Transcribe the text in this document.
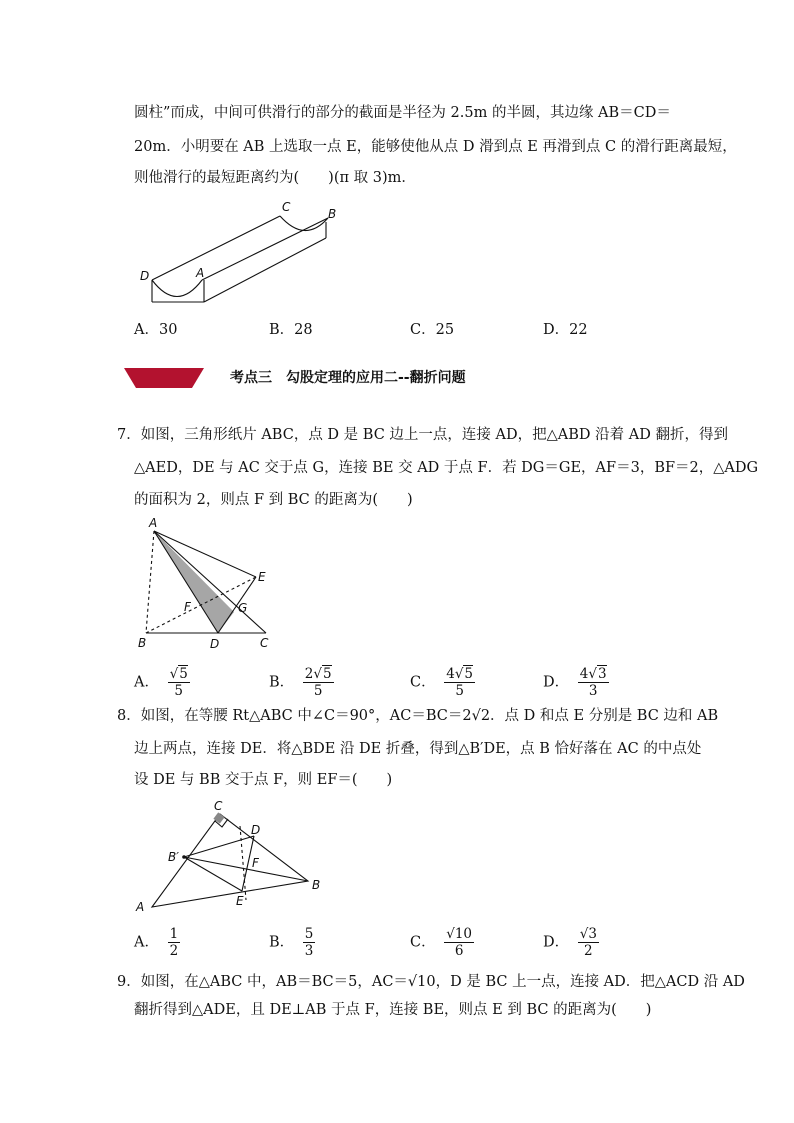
圆柱”而成，中间可供滑行的部分的截面是半径为 2.5m 的半圆，其边缘 AB＝CD＝
20m．小明要在 AB 上选取一点 E，能够使他从点 D 滑到点 E 再滑到点 C 的滑行距离最短，
则他滑行的最短距离约为(　　)(π 取 3)m．
C	B
D	A
A．30	B．28	C．25	D．22
考点三　勾股定理的应用二--翻折问题
7．如图，三角形纸片 ABC，点 D 是 BC 边上一点，连接 AD，把△ABD 沿着 AD 翻折，得到
△AED，DE 与 AC 交于点 G，连接 BE 交 AD 于点 F．若 DG＝GE，AF＝3，BF＝2，△ADG
的面积为 2，则点 F 到 BC 的距离为(　　)
A
E
F	G
B	D	C
A． $\frac{√5}{5}$	B． $\frac{2√5}{5}$	C． $\frac{4√5}{5}$	D． $\frac{4√3}{3}$
8．如图，在等腰 Rt△ABC 中∠C＝90°，AC＝BC＝2√2．点 D 和点 E 分别是 BC 边和 AB
边上两点，连接 DE．将△BDE 沿 DE 折叠，得到△B′DE，点 B 恰好落在 AC 的中点处
设 DE 与 BB 交于点 F，则 EF＝(　　)
C
D
B′	F
B
A	E
A． $\frac{1}{2}$	B． $\frac{5}{3}$	C． $\frac{√10}{6}$	D． $\frac{√3}{2}$
9．如图，在△ABC 中，AB＝BC＝5，AC＝√10，D 是 BC 上一点，连接 AD．把△ACD 沿 AD
翻折得到△ADE，且 DE⊥AB 于点 F，连接 BE，则点 E 到 BC 的距离为(　　)
